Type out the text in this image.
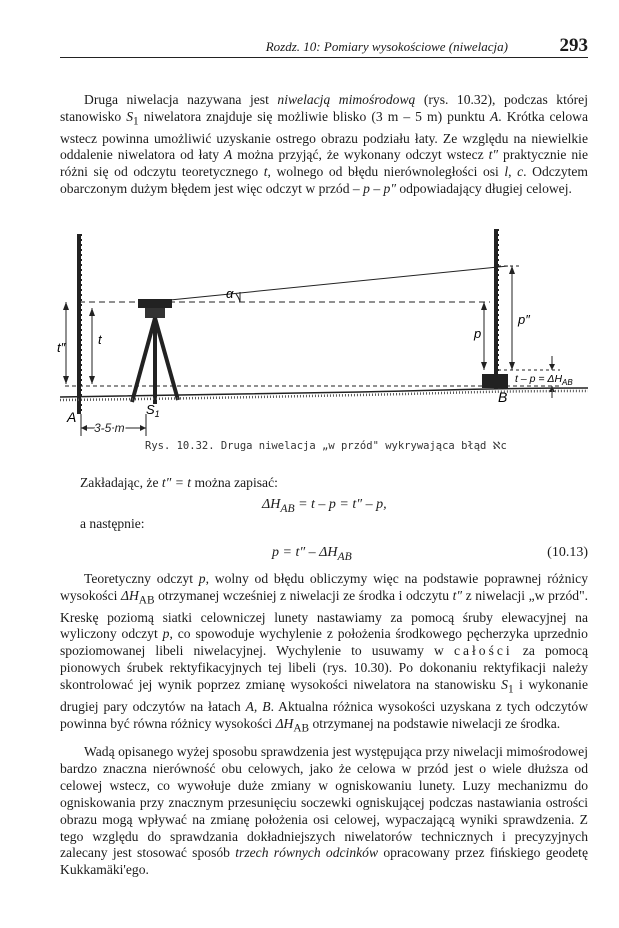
Rozdz. 10: Pomiary wysokościowe (niwelacja)	293

Druga niwelacja nazywana jest niwelacją mimośrodową (rys. 10.32), podczas której stanowisko $S_1$ niwelatora znajduje się możliwie blisko (3 m – 5 m) punktu A. Krótka celowa wstecz powinna umożliwić uzyskanie ostrego obrazu podziału łaty. Ze względu na niewielkie oddalenie niwelatora od łaty A można przyjąć, że wykonany odczyt wstecz t″ praktycznie nie różni się od odczytu teoretycznego t, wolnego od błędu nierównoległości osi l, c. Odczytem obarczonym dużym błędem jest więc odczyt w przód – p – p″ odpowiadający długiej celowej.

α
t″
t	p
p″
$t - p = \Delta H_{AB}$
A
B
$S_1$
3-5 m
Rys. 10.32. Druga niwelacja „w przód" wykrywająca błąd ℵc

Zakładając, że t″ = t można zapisać:

$\Delta H_{AB} = t - p = t'' - p$,

a następnie:

$p = t'' - \Delta H_{AB}$	(10.13)

Teoretyczny odczyt p, wolny od błędu obliczymy więc na podstawie poprawnej różnicy wysokości $\Delta H_{AB}$ otrzymanej wcześniej z niwelacji ze środka i odczytu t″ z niwelacji „w przód". Kreskę poziomą siatki celowniczej lunety nastawiamy za pomocą śruby elewacyjnej na wyliczony odczyt p, co spowoduje wychylenie z położenia środkowego pęcherzyka uprzednio spoziomowanej libeli niwelacyjnej. Wychylenie to usuwamy w całości za pomocą pionowych śrubek rektyfikacyjnych tej libeli (rys. 10.30). Po dokonaniu rektyfikacji należy skontrolować jej wynik poprzez zmianę wysokości niwelatora na stanowisku $S_1$ i wykonanie drugiej pary odczytów na łatach A, B. Aktualna różnica wysokości uzyskana z tych odczytów powinna być równa różnicy wysokości $\Delta H_{AB}$ otrzymanej na podstawie niwelacji ze środka.

Wadą opisanego wyżej sposobu sprawdzenia jest występująca przy niwelacji mimośrodowej bardzo znaczna nierówność obu celowych, jako że celowa w przód jest o wiele dłuższa od celowej wstecz, co wywołuje duże zmiany w ogniskowaniu lunety. Luzy mechanizmu do ogniskowania przy znacznym przesunięciu soczewki ogniskującej podczas nastawiania ostrości obrazu mogą wpływać na zmianę położenia osi celowej, wypaczającą wyniki sprawdzenia. Z tego względu do sprawdzania dokładniejszych niwelatorów technicznych i precyzyjnych zalecany jest stosować sposób trzech równych odcinków opracowany przez fińskiego geodetę Kukkamäki'ego.
